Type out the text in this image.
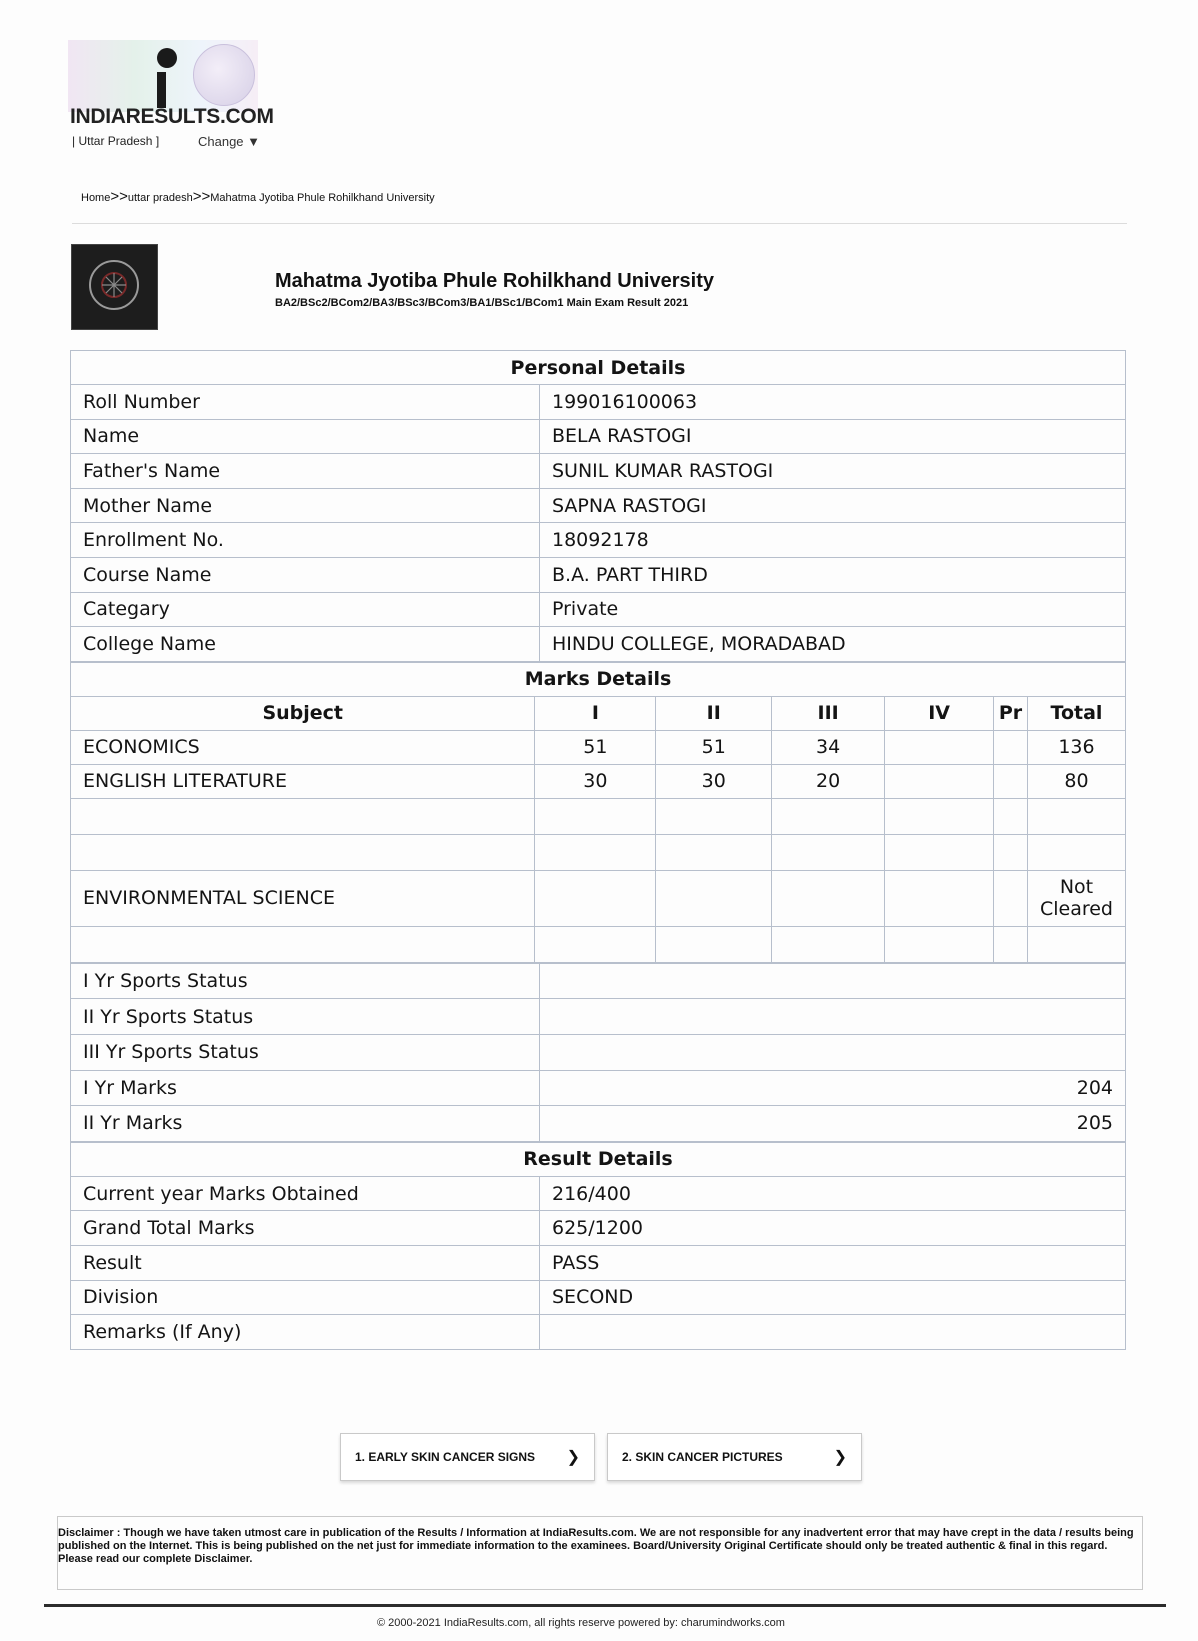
INDIARESULTS.COM
| Uttar Pradesh ]	Change ▼
Home>>uttar pradesh>>Mahatma Jyotiba Phule Rohilkhand University
Mahatma Jyotiba Phule Rohilkhand University
BA2/BSc2/BCom2/BA3/BSc3/BCom3/BA1/BSc1/BCom1 Main Exam Result 2021
Personal Details	
Roll Number	199016100063
Name	BELA RASTOGI
Father's Name	SUNIL KUMAR RASTOGI
Mother Name	SAPNA RASTOGI
Enrollment No.	18092178
Course Name	B.A. PART THIRD
Categary	Private
College Name	HINDU COLLEGE, MORADABAD
Marks Details						
Subject	I	II	III	IV	Pr	Total
ECONOMICS	51	51	34			136
ENGLISH LITERATURE	30	30	20			80

ENVIRONMENTAL SCIENCE						Not Cleared

I Yr Sports Status	
II Yr Sports Status	
III Yr Sports Status	
I Yr Marks	204
II Yr Marks	205
Result Details	
Current year Marks Obtained	216/400
Grand Total Marks	625/1200
Result	PASS
Division	SECOND
Remarks (If Any)	
1. EARLY SKIN CANCER SIGNS ❯	2. SKIN CANCER PICTURES	❯
Disclaimer : Though we have taken utmost care in publication of the Results / Information at IndiaResults.com. We are not responsible for any inadvertent error that may have crept in the data / results being published on the Internet. This is being published on the net just for immediate information to the examinees. Board/University Original Certificate should only be treated authentic & final in this regard. Please read our complete Disclaimer.
© 2000-2021 IndiaResults.com, all rights reserve powered by: charumindworks.com
